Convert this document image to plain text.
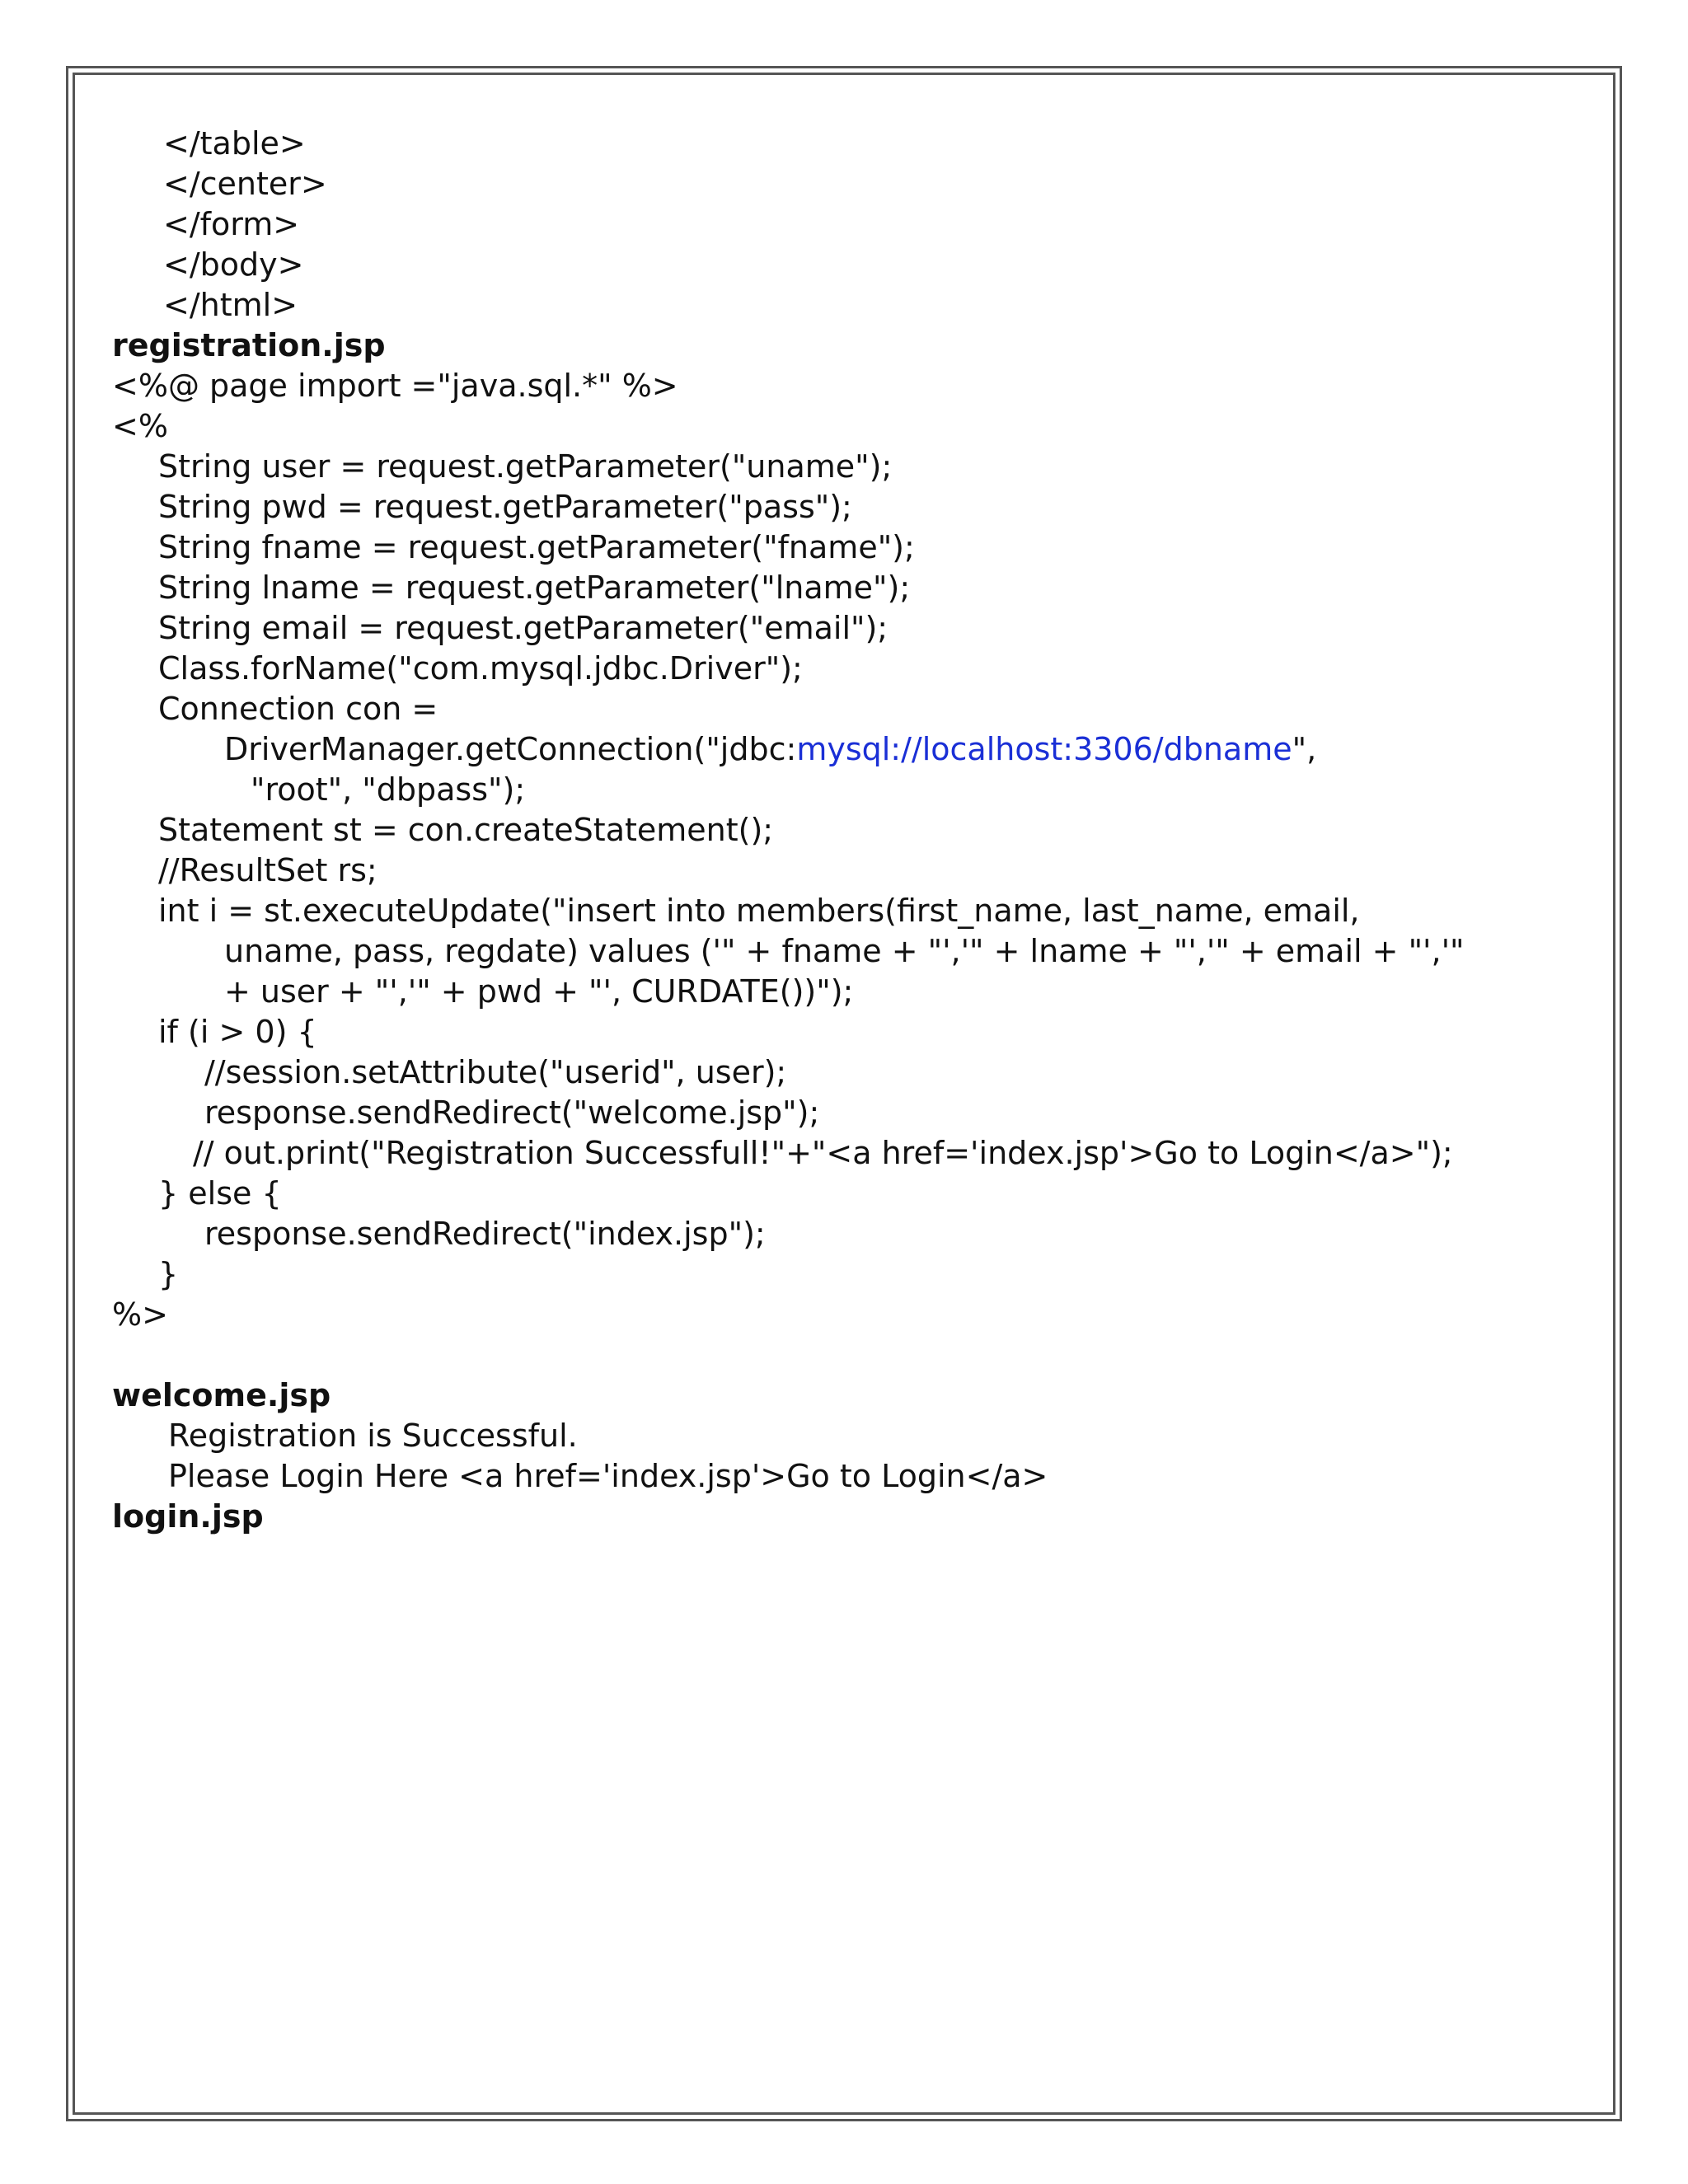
</table>
</center>
</form>
</body>
</html>
registration.jsp
<%@ page import ="java.sql.*" %>
<%
String user = request.getParameter("uname");
String pwd = request.getParameter("pass");
String fname = request.getParameter("fname");
String lname = request.getParameter("lname");
String email = request.getParameter("email");
Class.forName("com.mysql.jdbc.Driver");
Connection con =
DriverManager.getConnection("jdbc:mysql://localhost:3306/dbname",
"root", "dbpass");
Statement st = con.createStatement();
//ResultSet rs;
int i = st.executeUpdate("insert into members(first_name, last_name, email,
uname, pass, regdate) values ('" + fname + "','" + lname + "','" + email + "','"
+ user + "','" + pwd + "', CURDATE())");
if (i > 0) {
//session.setAttribute("userid", user);
response.sendRedirect("welcome.jsp");
// out.print("Registration Successfull!"+"<a href='index.jsp'>Go to Login</a>");
} else {
response.sendRedirect("index.jsp");
}
%>
welcome.jsp
Registration is Successful.
Please Login Here <a href='index.jsp'>Go to Login</a>
login.jsp
